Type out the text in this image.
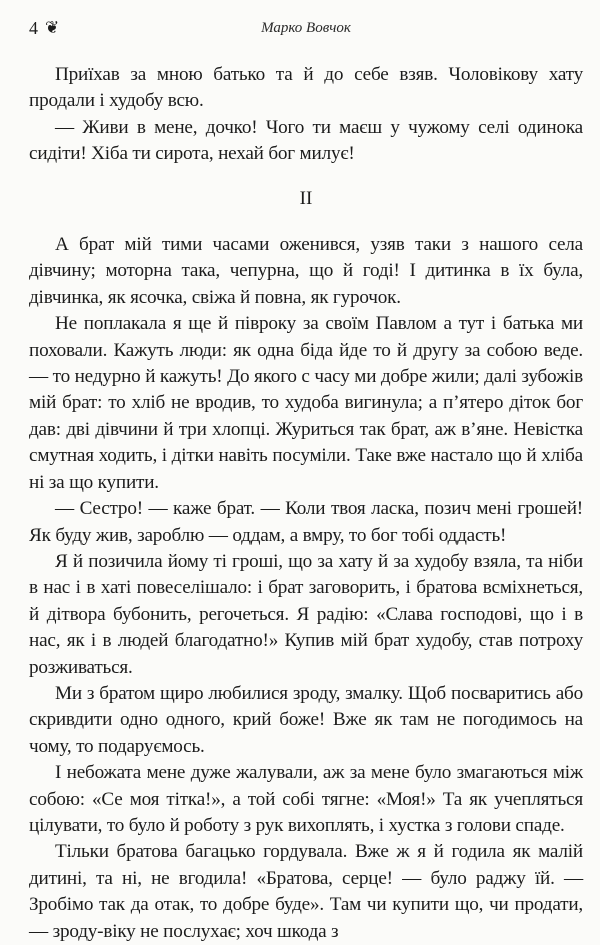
4 ❦	Марко Вовчок

Приїхав за мною батько та й до себе взяв. Чоловікову хату продали і худобу всю.

— Живи в мене, дочко! Чого ти маєш у чужому селі одинока сидіти! Хіба ти сирота, нехай бог милує!

II

А брат мій тими часами оженився, узяв таки з нашого села дівчину; моторна така, чепурна, що й годі! І дитинка в їх була, дівчинка, як ясочка, свіжа й повна, як гурочок.

Не поплакала я ще й півроку за своїм Павлом а тут і батька ми поховали. Кажуть люди: як одна біда йде то й другу за собою веде. — то недурно й кажуть! До якого с часу ми добре жили; далі зубожів мій брат: то хліб не вродив, то худоба вигинула; а п’ятеро діток бог дав: дві дівчини й три хлопці. Журиться так брат, аж в’яне. Невістка смутная ходить, і дітки навіть посуміли. Таке вже настало що й хліба ні за що купити.

— Сестро! — каже брат. — Коли твоя ласка, позич мені грошей! Як буду жив, зароблю — оддам, а вмру, то бог тобі оддасть!

Я й позичила йому ті гроші, що за хату й за худобу взяла, та ніби в нас і в хаті повеселішало: і брат заговорить, і братова всміхнеться, й дітвора бубонить, регочеться. Я радію: «Слава господові, що і в нас, як і в людей благодатно!» Купив мій брат худобу, став потроху розживаться.

Ми з братом щиро любилися зроду, змалку. Щоб посваритись або скривдити одно одного, крий боже! Вже як там не погодимось на чому, то подаруємось.

І небожата мене дуже жалували, аж за мене було змагаються між собою: «Се моя тітка!», а той собі тягне: «Моя!» Та як учепляться цілувати, то було й роботу з рук вихоплять, і хустка з голови спаде.

Тільки братова багацько гордувала. Вже ж я й годила як малій дитині, та ні, не вгодила! «Братова, серце! — було раджу їй. — Зробімо так да отак, то добре буде». Там чи купити що, чи продати, — зроду-віку не послухає; хоч шкода з
